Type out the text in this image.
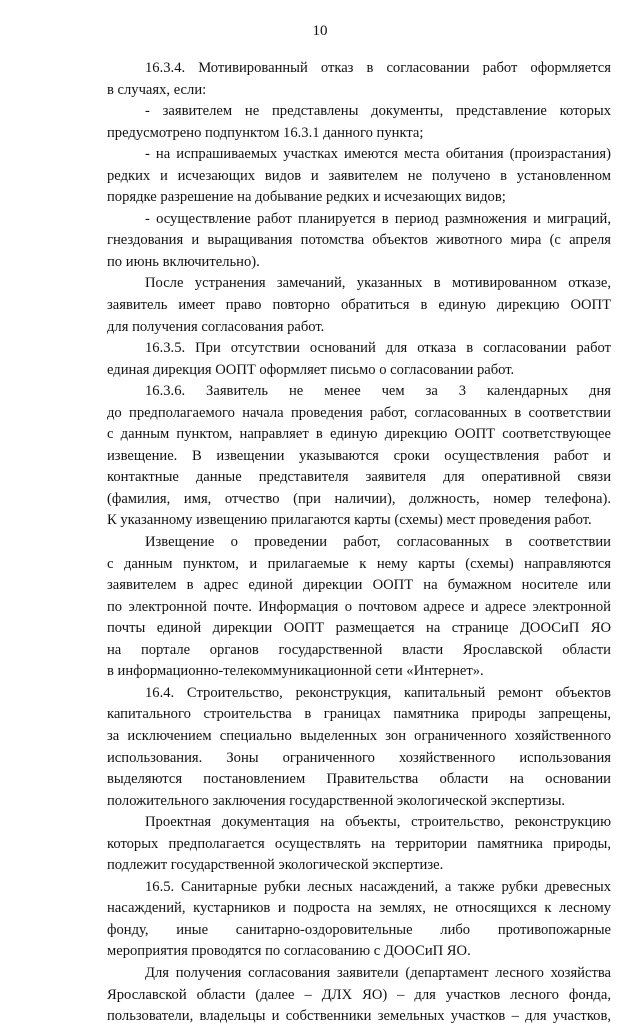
10
16.3.4. Мотивированный отказ в согласовании работ оформляется
в случаях, если:
- заявителем не представлены документы, представление которых
предусмотрено подпунктом 16.3.1 данного пункта;
- на испрашиваемых участках имеются места обитания (произрастания)
редких и исчезающих видов и заявителем не получено в установленном
порядке разрешение на добывание редких и исчезающих видов;
- осуществление работ планируется в период размножения и миграций,
гнездования и выращивания потомства объектов животного мира (с апреля
по июнь включительно).
После устранения замечаний, указанных в мотивированном отказе,
заявитель имеет право повторно обратиться в единую дирекцию ООПТ
для получения согласования работ.
16.3.5. При отсутствии оснований для отказа в согласовании работ
единая дирекция ООПТ оформляет письмо о согласовании работ.
16.3.6. Заявитель не менее чем за 3 календарных дня
до предполагаемого начала проведения работ, согласованных в соответствии
с данным пунктом, направляет в единую дирекцию ООПТ соответствующее
извещение. В извещении указываются сроки осуществления работ и
контактные данные представителя заявителя для оперативной связи
(фамилия, имя, отчество (при наличии), должность, номер телефона).
К указанному извещению прилагаются карты (схемы) мест проведения работ.
Извещение о проведении работ, согласованных в соответствии
с данным пунктом, и прилагаемые к нему карты (схемы) направляются
заявителем в адрес единой дирекции ООПТ на бумажном носителе или
по электронной почте. Информация о почтовом адресе и адресе электронной
почты единой дирекции ООПТ размещается на странице ДООСиП ЯО
на портале органов государственной власти Ярославской области
в информационно-телекоммуникационной сети «Интернет».
16.4. Строительство, реконструкция, капитальный ремонт объектов
капитального строительства в границах памятника природы запрещены,
за исключением специально выделенных зон ограниченного хозяйственного
использования. Зоны ограниченного хозяйственного использования
выделяются постановлением Правительства области на основании
положительного заключения государственной экологической экспертизы.
Проектная документация на объекты, строительство, реконструкцию
которых предполагается осуществлять на территории памятника природы,
подлежит государственной экологической экспертизе.
16.5. Санитарные рубки лесных насаждений, а также рубки древесных
насаждений, кустарников и подроста на землях, не относящихся к лесному
фонду, иные санитарно-оздоровительные либо противопожарные
мероприятия проводятся по согласованию с ДООСиП ЯО.
Для получения согласования заявители (департамент лесного хозяйства
Ярославской области (далее – ДЛХ ЯО) – для участков лесного фонда,
пользователи, владельцы и собственники земельных участков – для участков,
